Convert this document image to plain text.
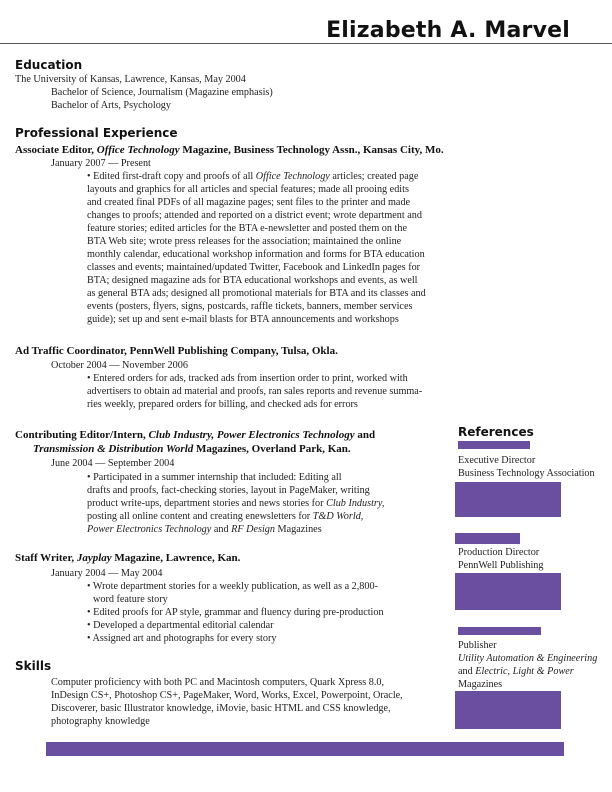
Elizabeth A. Marvel
Education
The University of Kansas, Lawrence, Kansas, May 2004
Bachelor of Science, Journalism (Magazine emphasis)
Bachelor of Arts, Psychology
Professional Experience
Associate Editor, Office Technology Magazine, Business Technology Assn., Kansas City, Mo.
January 2007 — Present
• Edited first-draft copy and proofs of all Office Technology articles; created page
layouts and graphics for all articles and special features; made all prooing edits
and created final PDFs of all magazine pages; sent files to the printer and made
changes to proofs; attended and reported on a district event; wrote department and
feature stories; edited articles for the BTA e-newsletter and posted them on the
BTA Web site; wrote press releases for the association; maintained the online
monthly calendar, educational workshop information and forms for BTA education
classes and events; maintained/updated Twitter, Facebook and LinkedIn pages for
BTA; designed magazine ads for BTA educational workshops and events, as well
as general BTA ads; designed all promotional materials for BTA and its classes and
events (posters, flyers, signs, postcards, raffle tickets, banners, member services
guide); set up and sent e-mail blasts for BTA announcements and workshops
Ad Traffic Coordinator, PennWell Publishing Company, Tulsa, Okla.
October 2004 — November 2006
• Entered orders for ads, tracked ads from insertion order to print, worked with
advertisers to obtain ad material and proofs, ran sales reports and revenue summa-
ries weekly, prepared orders for billing, and checked ads for errors
Contributing Editor/Intern, Club Industry, Power Electronics Technology and
Transmission & Distribution World Magazines, Overland Park, Kan.
June 2004 — September 2004
• Participated in a summer internship that included: Editing all
drafts and proofs, fact-checking stories, layout in PageMaker, writing
product write-ups, department stories and news stories for Club Industry,
posting all online content and creating enewsletters for T&D World,
Power Electronics Technology and RF Design Magazines
Staff Writer, Jayplay Magazine, Lawrence, Kan.
January 2004 — May 2004
• Wrote department stories for a weekly publication, as well as a 2,800-
word feature story
• Edited proofs for AP style, grammar and fluency during pre-production
• Developed a departmental editorial calendar
• Assigned art and photographs for every story
Skills
Computer proficiency with both PC and Macintosh computers, Quark Xpress 8.0,
InDesign CS+, Photoshop CS+, PageMaker, Word, Works, Excel, Powerpoint, Oracle,
Discoverer, basic Illustrator knowledge, iMovie, basic HTML and CSS knowledge,
photography knowledge
References
Executive Director
Business Technology Association
Production Director
PennWell Publishing
Publisher
Utility Automation & Engineering
and Electric, Light & Power
Magazines
